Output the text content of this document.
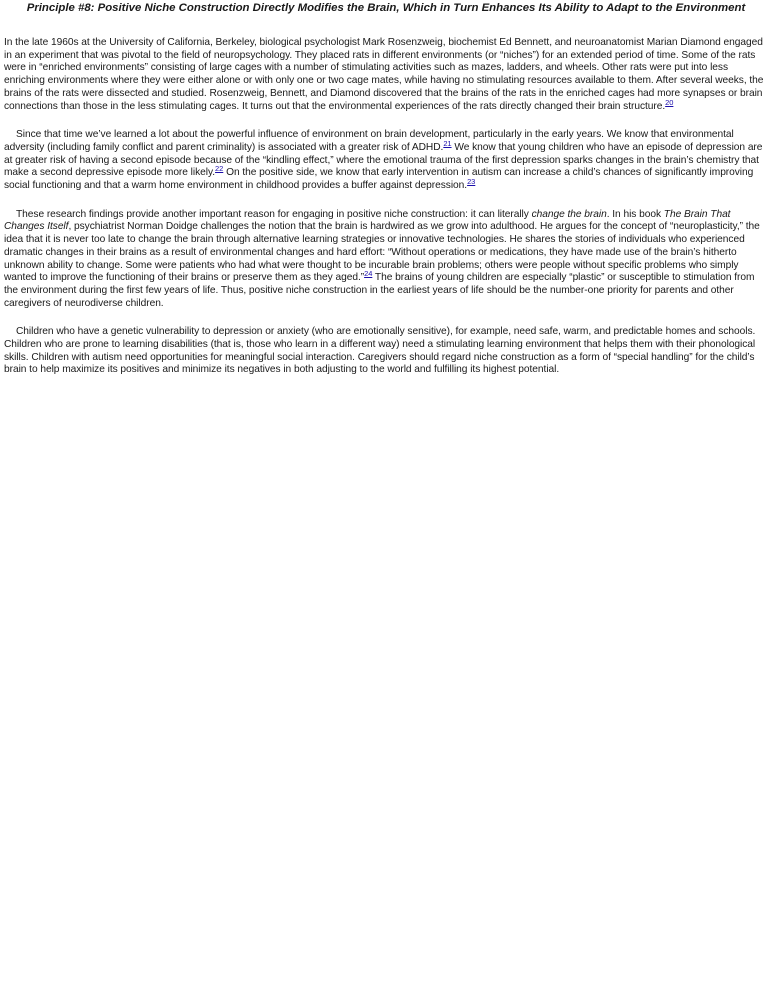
Principle #8: Positive Niche Construction Directly Modifies the Brain, Which in Turn Enhances Its Ability to Adapt to the Environment

In the late 1960s at the University of California, Berkeley, biological psychologist Mark Rosenzweig, biochemist Ed Bennett, and neuroanatomist Marian Diamond engaged in an experiment that was pivotal to the field of neuropsychology. They placed rats in different environments (or “niches”) for an extended period of time. Some of the rats were in “enriched environments” consisting of large cages with a number of stimulating activities such as mazes, ladders, and wheels. Other rats were put into less enriching environments where they were either alone or with only one or two cage mates, while having no stimulating resources available to them. After several weeks, the brains of the rats were dissected and studied. Rosenzweig, Bennett, and Diamond discovered that the brains of the rats in the enriched cages had more synapses or brain connections than those in the less stimulating cages. It turns out that the environmental experiences of the rats directly changed their brain structure.$^{20}$

Since that time we’ve learned a lot about the powerful influence of environment on brain development, particularly in the early years. We know that environmental adversity (including family conflict and parent criminality) is associated with a greater risk of ADHD.$^{21}$ We know that young children who have an episode of depression are at greater risk of having a second episode because of the “kindling effect,” where the emotional trauma of the first depression sparks changes in the brain’s chemistry that make a second depressive episode more likely.$^{22}$ On the positive side, we know that early intervention in autism can increase a child’s chances of significantly improving social functioning and that a warm home environment in childhood provides a buffer against depression.$^{23}$

These research findings provide another important reason for engaging in positive niche construction: it can literally change the brain. In his book The Brain That Changes Itself, psychiatrist Norman Doidge challenges the notion that the brain is hardwired as we grow into adulthood. He argues for the concept of “neuroplasticity,” the idea that it is never too late to change the brain through alternative learning strategies or innovative technologies. He shares the stories of individuals who experienced dramatic changes in their brains as a result of environmental changes and hard effort: “Without operations or medications, they have made use of the brain’s hitherto unknown ability to change. Some were patients who had what were thought to be incurable brain problems; others were people without specific problems who simply wanted to improve the functioning of their brains or preserve them as they aged.”$^{24}$ The brains of young children are especially “plastic” or susceptible to stimulation from the environment during the first few years of life. Thus, positive niche construction in the earliest years of life should be the number-one priority for parents and other caregivers of neurodiverse children.

Children who have a genetic vulnerability to depression or anxiety (who are emotionally sensitive), for example, need safe, warm, and predictable homes and schools. Children who are prone to learning disabilities (that is, those who learn in a different way) need a stimulating learning environment that helps them with their phonological skills. Children with autism need opportunities for meaningful social interaction. Caregivers should regard niche construction as a form of “special handling” for the child’s brain to help maximize its positives and minimize its negatives in both adjusting to the world and fulfilling its highest potential.
